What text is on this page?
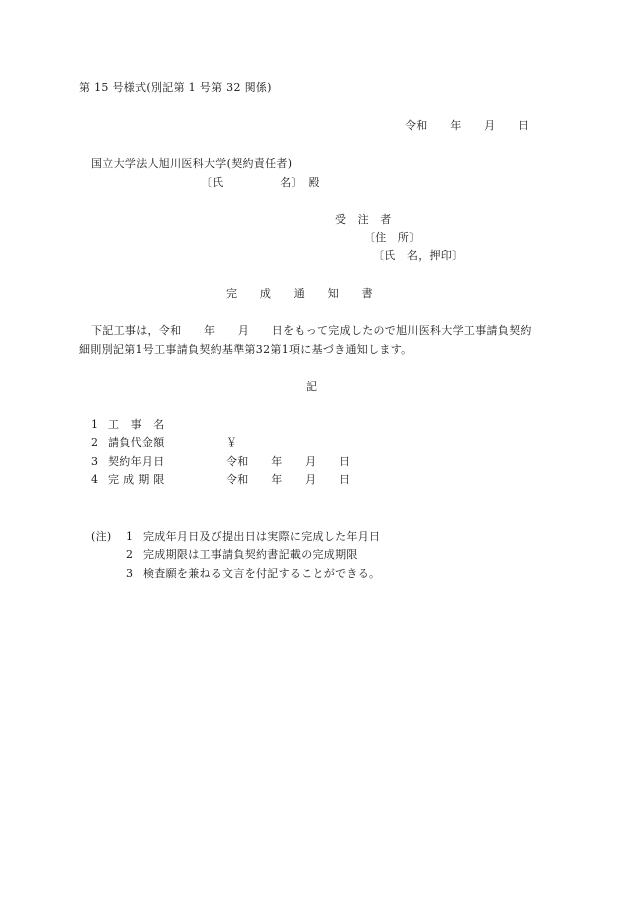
第 15 号様式(別記第 1 号第 32 関係)
令和　　年　　月　　日
国立大学法人旭川医科大学(契約責任者)
〔氏　　　　　名〕　殿
受　注　者
〔住　所〕
〔氏　名，押印〕
完　　成　　通　　知　　書
下記工事は，令和　　年　　月　　日をもって完成したので旭川医科大学工事請負契約
細則別記第1号工事請負契約基準第32第1項に基づき通知します。
記
1 工　事　名
2 請負代金額	￥
3 契約年月日	令和　　年　　月　　日
4 完 成 期 限	令和　　年　　月　　日
(注) 1 完成年月日及び提出日は実際に完成した年月日
2 完成期限は工事請負契約書記載の完成期限
3 検査願を兼ねる文言を付記することができる。
